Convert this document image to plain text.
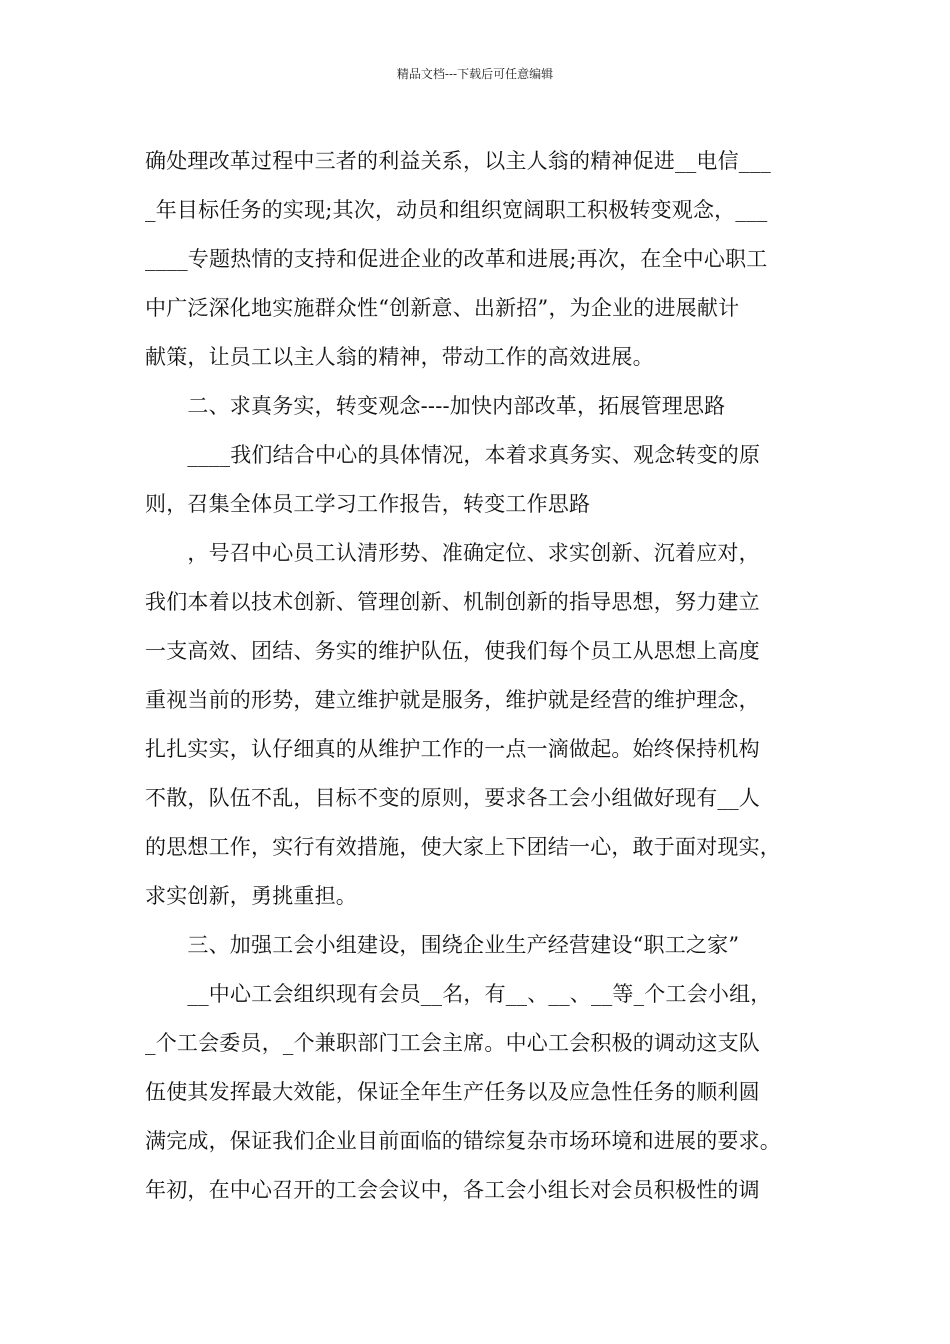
精品文档---下载后可任意编辑
确处理改革过程中三者的利益关系，以主人翁的精神促进__电信___
_年目标任务的实现;其次，动员和组织宽阔职工积极转变观念，___
____专题热情的支持和促进企业的改革和进展;再次，在全中心职工
中广泛深化地实施群众性“创新意、出新招”，为企业的进展献计
献策，让员工以主人翁的精神，带动工作的高效进展。
　　二、求真务实，转变观念----加快内部改革，拓展管理思路
　　____我们结合中心的具体情况，本着求真务实、观念转变的原
则，召集全体员工学习工作报告，转变工作思路
　　，号召中心员工认清形势、准确定位、求实创新、沉着应对，
我们本着以技术创新、管理创新、机制创新的指导思想，努力建立
一支高效、团结、务实的维护队伍，使我们每个员工从思想上高度
重视当前的形势，建立维护就是服务，维护就是经营的维护理念，
扎扎实实，认仔细真的从维护工作的一点一滴做起。始终保持机构
不散，队伍不乱，目标不变的原则，要求各工会小组做好现有__人
的思想工作，实行有效措施，使大家上下团结一心，敢于面对现实，
求实创新，勇挑重担。
　　三、加强工会小组建设，围绕企业生产经营建设“职工之家”
　　__中心工会组织现有会员__名，有__、__、__等_个工会小组，
_个工会委员，_个兼职部门工会主席。中心工会积极的调动这支队
伍使其发挥最大效能，保证全年生产任务以及应急性任务的顺利圆
满完成，保证我们企业目前面临的错综复杂市场环境和进展的要求。
年初，在中心召开的工会会议中，各工会小组长对会员积极性的调
